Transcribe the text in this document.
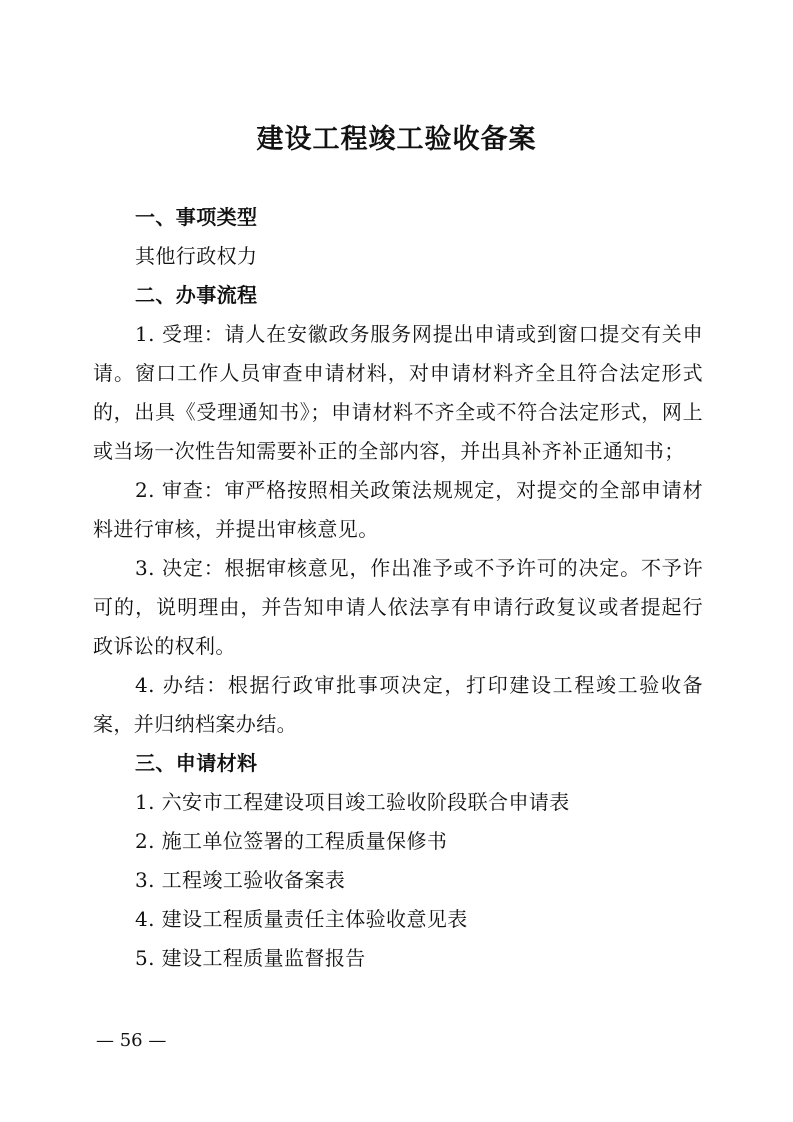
建设工程竣工验收备案

一、事项类型

其他行政权力

二、办事流程

1. 受理：请人在安徽政务服务网提出申请或到窗口提交有关申请。窗口工作人员审查申请材料，对申请材料齐全且符合法定形式的，出具《受理通知书》；申请材料不齐全或不符合法定形式，网上或当场一次性告知需要补正的全部内容，并出具补齐补正通知书；

2. 审查：审严格按照相关政策法规规定，对提交的全部申请材料进行审核，并提出审核意见。

3. 决定：根据审核意见，作出准予或不予许可的决定。不予许可的，说明理由，并告知申请人依法享有申请行政复议或者提起行政诉讼的权利。

4. 办结：根据行政审批事项决定，打印建设工程竣工验收备案，并归纳档案办结。

三、申请材料

1. 六安市工程建设项目竣工验收阶段联合申请表

2. 施工单位签署的工程质量保修书

3. 工程竣工验收备案表

4. 建设工程质量责任主体验收意见表

5. 建设工程质量监督报告

— 56 —
